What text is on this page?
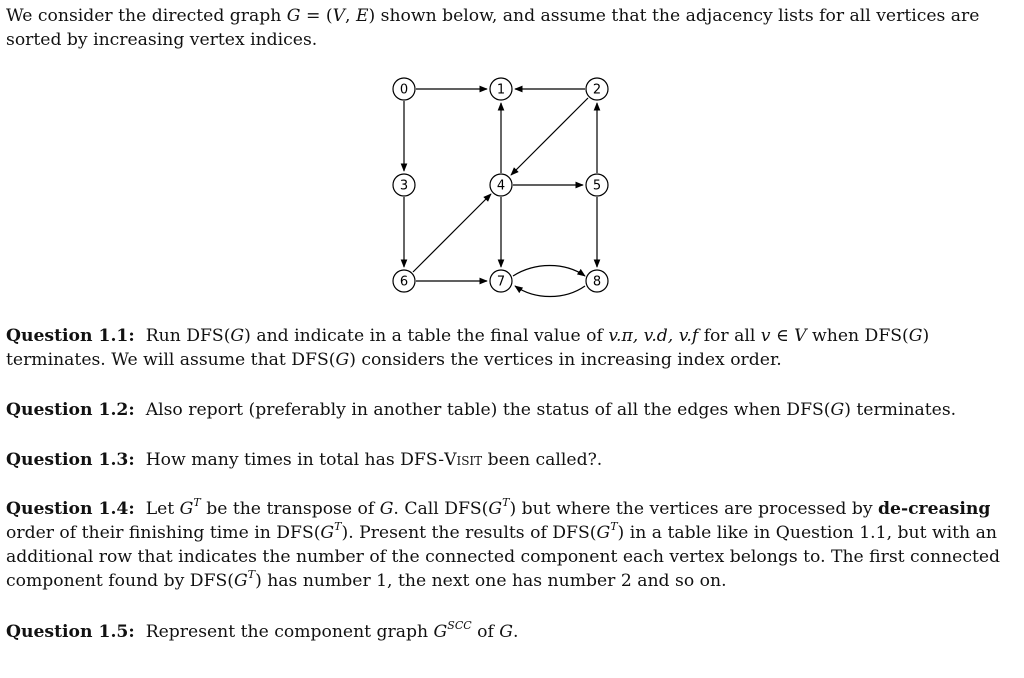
We consider the directed graph G = (V, E) shown below, and assume that the adjacency lists for all vertices are sorted by increasing vertex indices.
0	1	2
3	4	5
6	7	8
Question 1.1: Run DFS(G) and indicate in a table the final value of v.π, v.d, v.f for all v ∈ V when DFS(G) terminates. We will assume that DFS(G) considers the vertices in increasing index order.
Question 1.2: Also report (preferably in another table) the status of all the edges when DFS(G) terminates.
Question 1.3: How many times in total has DFS-Visit been called?.
Question 1.4: Let $G^T$ be the transpose of G. Call $DFS(G^T)$ but where the vertices are processed by de-creasing order of their finishing time in $DFS(G^T)$. Present the results of $DFS(G^T)$ in a table like in Question 1.1, but with an additional row that indicates the number of the connected component each vertex belongs to. The first connected component found by $DFS(G^T)$ has number 1, the next one has number 2 and so on.
Question 1.5: Represent the component graph $G^{SCC}$ of G.
